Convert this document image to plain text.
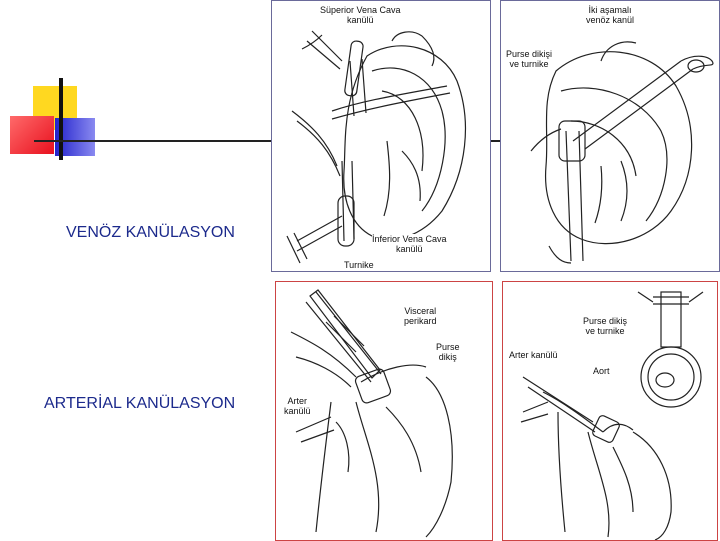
VENÖZ KANÜLASYON
ARTERİAL KANÜLASYON
Süperior Vena Cava
kanülü
İnferior Vena Cava
kanülü
Turnike
İki aşamalı
venöz kanül
Purse dikişi
ve turnike
Visceral
perikard
Purse
dikiş
Arter
kanülü
Purse dikiş
ve turnike
Arter kanülü
Aort
